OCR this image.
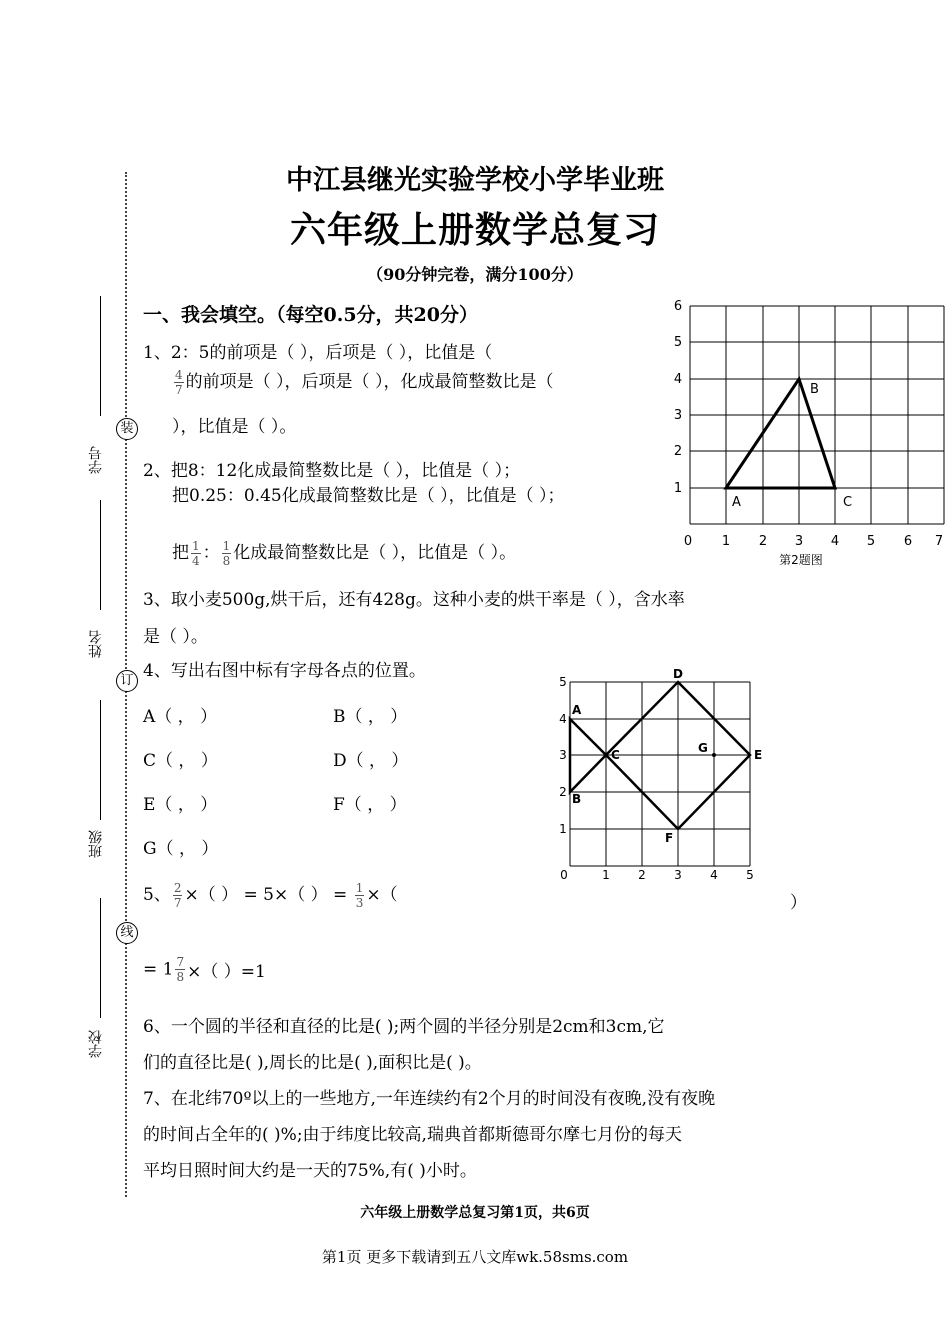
中江县继光实验学校小学毕业班
六年级上册数学总复习
（90分钟完卷，满分100分）
学号
姓名
班级
学校
装
订
线
一、我会填空。（每空0.5分，共20分）
1、2：5的前项是（ ），后项是（ ），比值是（
$\frac{4}{7}$ 的前项是（ ），后项是（ ），化成最简整数比是（
），比值是（ ）。
2、把8：12化成最简整数比是（ ），比值是（ ）；
把0.25：0.45化成最简整数比是（ ），比值是（ ）；
把 $\frac{1}{4}$ ： $\frac{1}{8}$ 化成最简整数比是（ ），比值是（ ）。
3、取小麦500g,烘干后，还有428g。这种小麦的烘干率是（ ），含水率
是（ ）。
4、写出右图中标有字母各点的位置。
A（ ， ）	B（ ， ）
C（ ， ）	D（ ， ）
E（ ， ）	F（ ， ）
G（ ， ）
5、 $\frac{2}{7}$ ×（ ） = 5×（ ） = $\frac{1}{3}$ ×（	）
= $1 \frac{7}{8}$ ×（ ）=1
6、一个圆的半径和直径的比是( );两个圆的半径分别是2cm和3cm,它
们的直径比是( ),周长的比是( ),面积比是( )。
7、在北纬70º以上的一些地方,一年连续约有2个月的时间没有夜晚,没有夜晚
的时间占全年的( )%;由于纬度比较高,瑞典首都斯德哥尔摩七月份的每天
平均日照时间大约是一天的75%,有( )小时。
0 1 2 3 4 5 6 7
1
2
3
4
5
6
A
B
C
第2题图
0	1 2 3 4 5
1
2
3
4
5
A
B
C
D
E
F
G
六年级上册数学总复习第1页，共6页
第1页 更多下载请到五八文库wk.58sms.com
